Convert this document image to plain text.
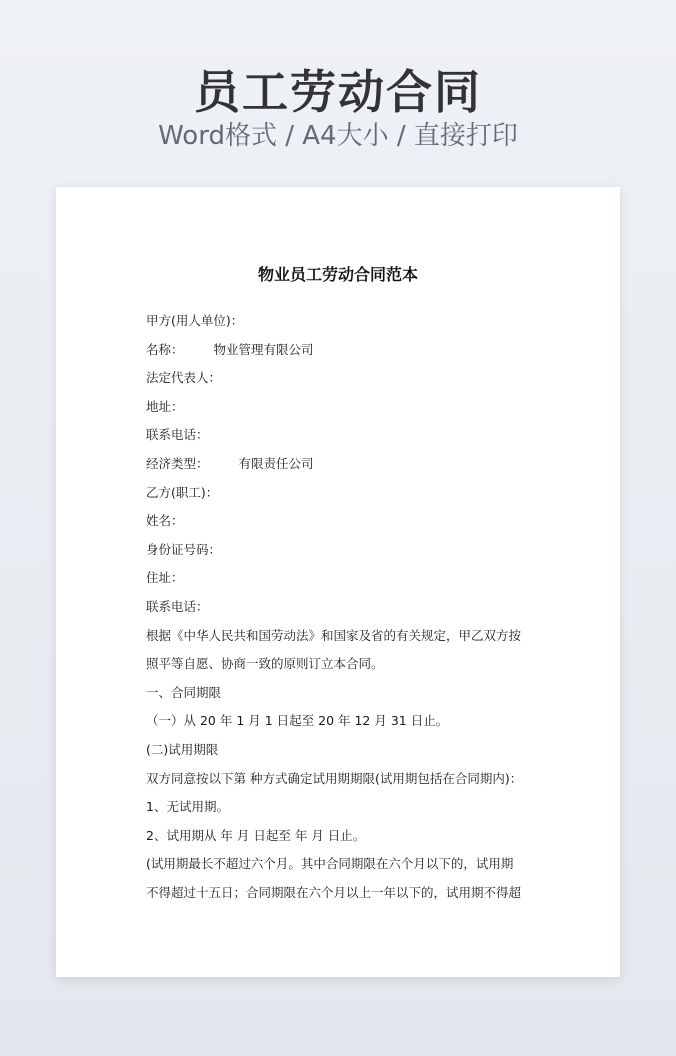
员工劳动合同
Word格式 / A4大小 / 直接打印
物业员工劳动合同范本
甲方(用人单位)：
名称： 物业管理有限公司
法定代表人：
地址：
联系电话：
经济类型： 有限责任公司
乙方(职工)：
姓名：
身份证号码：
住址：
联系电话：
根据《中华人民共和国劳动法》和国家及省的有关规定，甲乙双方按
照平等自愿、协商一致的原则订立本合同。
一、合同期限
（一）从 20 年 1 月 1 日起至 20 年 12 月 31 日止。
(二)试用期限
双方同意按以下第 种方式确定试用期期限(试用期包括在合同期内)：
1、无试用期。
2、试用期从 年 月 日起至 年 月 日止。
(试用期最长不超过六个月。其中合同期限在六个月以下的，试用期
不得超过十五日；合同期限在六个月以上一年以下的，试用期不得超
